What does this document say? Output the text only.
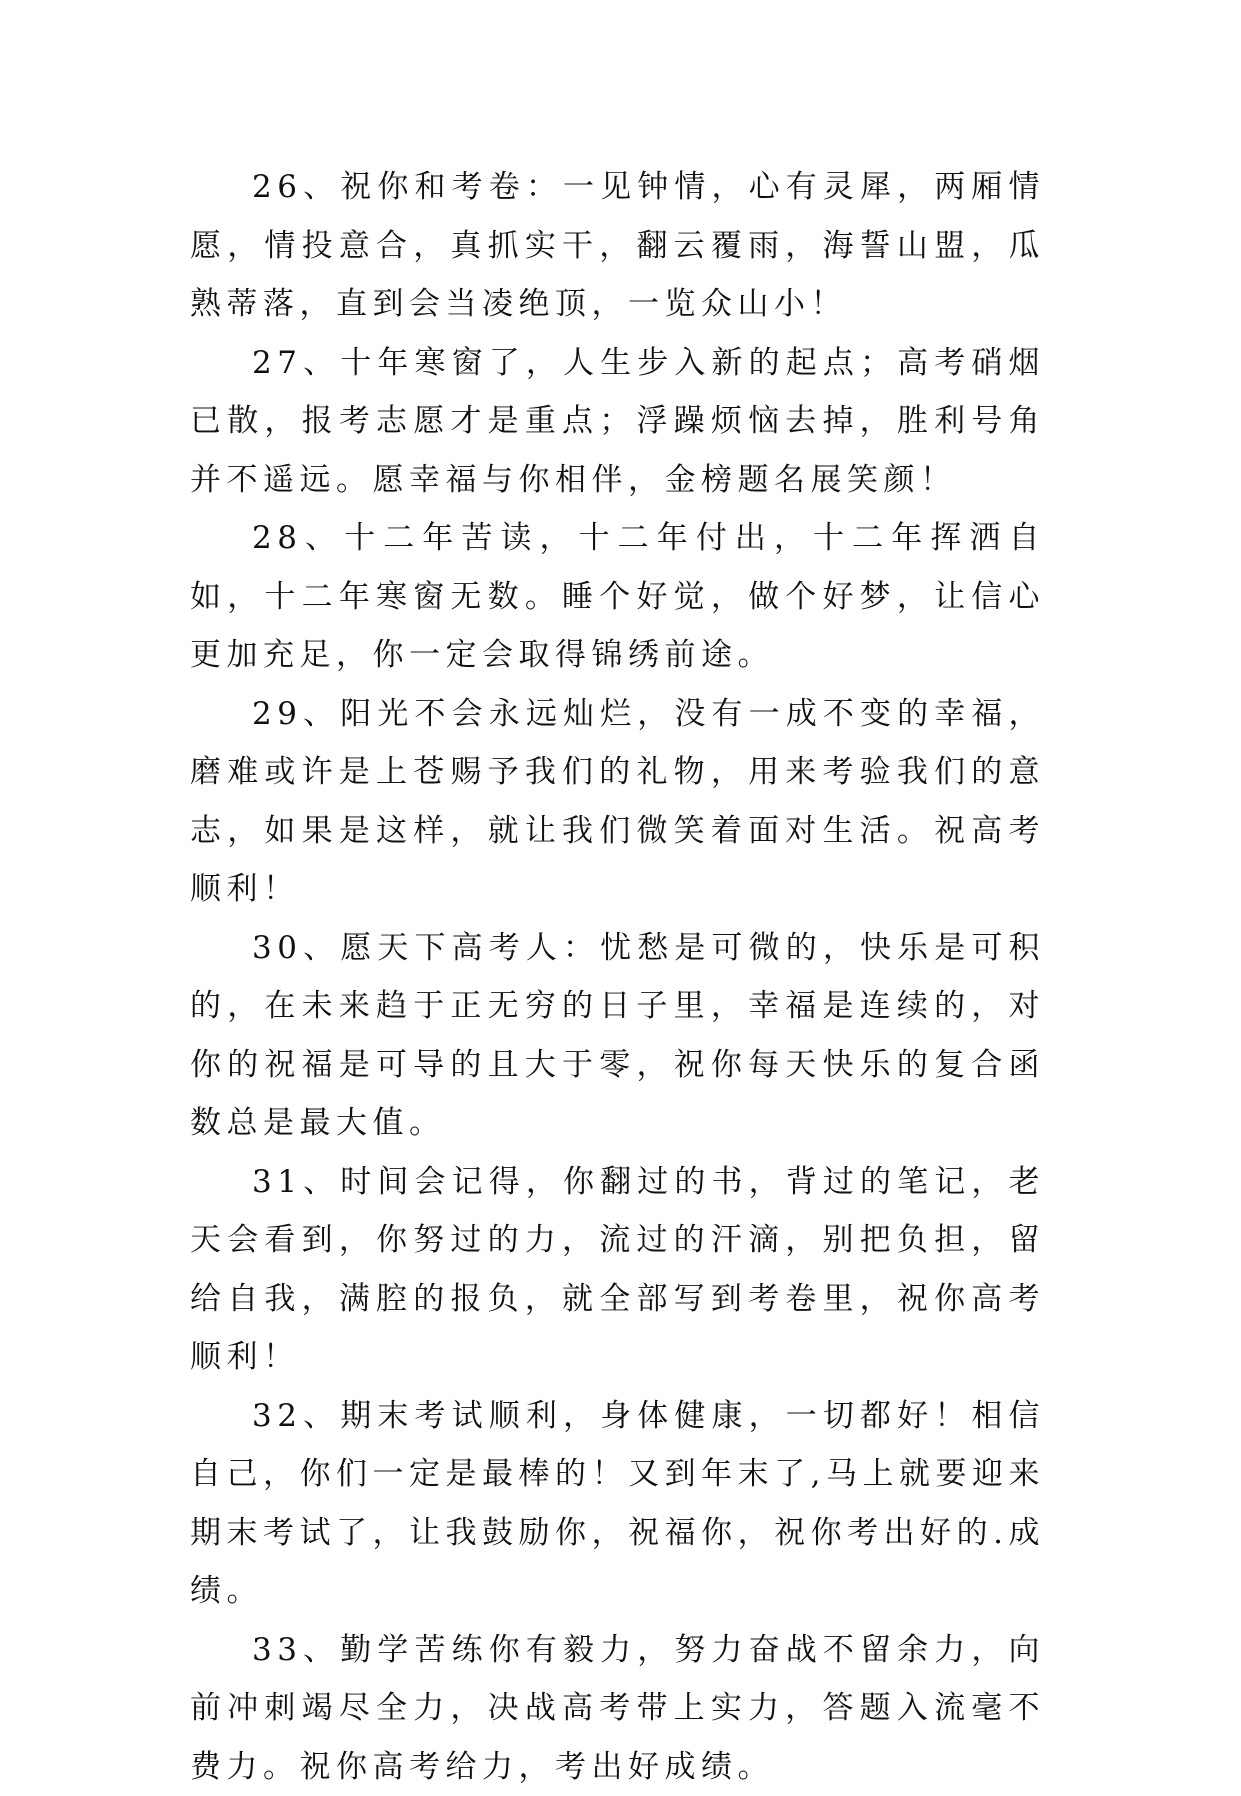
26、祝你和考卷：一见钟情，心有灵犀，两厢情愿，情投意合，真抓实干，翻云覆雨，海誓山盟，瓜熟蒂落，直到会当凌绝顶，一览众山小！

27、十年寒窗了，人生步入新的起点；高考硝烟已散，报考志愿才是重点；浮躁烦恼去掉，胜利号角并不遥远。愿幸福与你相伴，金榜题名展笑颜！

28、十二年苦读，十二年付出，十二年挥洒自如，十二年寒窗无数。睡个好觉，做个好梦，让信心更加充足，你一定会取得锦绣前途。

29、阳光不会永远灿烂，没有一成不变的幸福，磨难或许是上苍赐予我们的礼物，用来考验我们的意志，如果是这样，就让我们微笑着面对生活。祝高考顺利！

30、愿天下高考人：忧愁是可微的，快乐是可积的，在未来趋于正无穷的日子里，幸福是连续的，对你的祝福是可导的且大于零，祝你每天快乐的复合函数总是最大值。

31、时间会记得，你翻过的书，背过的笔记，老天会看到，你努过的力，流过的汗滴，别把负担，留给自我，满腔的报负，就全部写到考卷里，祝你高考顺利！

32、期末考试顺利，身体健康，一切都好！相信自己，你们一定是最棒的！又到年末了,马上就要迎来期末考试了，让我鼓励你，祝福你，祝你考出好的.成绩。

33、勤学苦练你有毅力，努力奋战不留余力，向前冲刺竭尽全力，决战高考带上实力，答题入流毫不费力。祝你高考给力，考出好成绩。
